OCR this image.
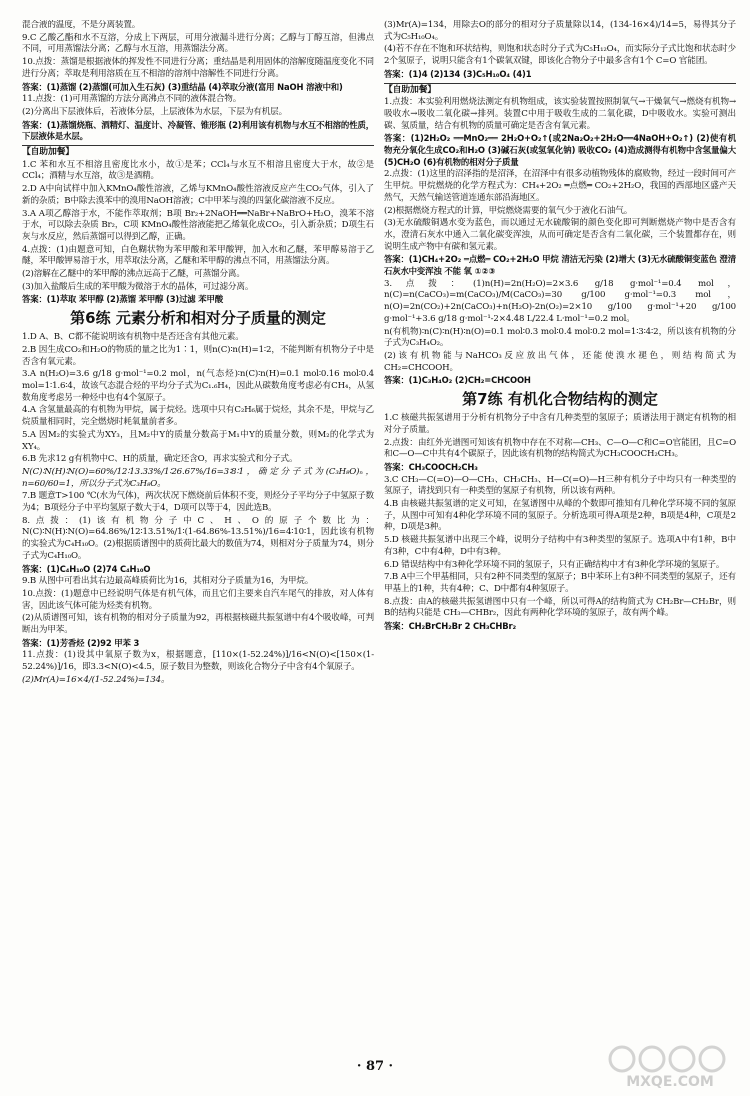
混合液的温度，不是分离装置。

9.C 乙酸乙酯和水不互溶，分成上下两层，可用分液漏斗进行分离；乙醇与丁醇互溶，但沸点不同，可用蒸馏法分离；乙醇与水互溶，用蒸馏法分离。

10.点拨：蒸馏是根据液体的挥发性不同进行分离；重结晶是利用固体的溶解度随温度变化不同进行分离；萃取是利用溶质在互不相溶的溶剂中溶解性不同进行分离。

答案：(1)蒸馏 (2)蒸馏(可加入生石灰) (3)重结晶 (4)萃取分液(富用 NaOH 溶液中和)

11.点拨：(1)可用蒸馏的方法分离沸点不同的液体混合物。

(2)分离出下层液体后，若液体分层，上层液体为水层，下层为有机层。

答案：(1)蒸馏烧瓶、酒精灯、温度计、冷凝管、锥形瓶 (2)利用该有机物与水互不相溶的性质，下层液体是水层。

【自助加餐】

1.C 苯和水互不相溶且密度比水小，故①是苯；CCl₄与水互不相溶且密度大于水，故②是CCl₄；酒精与水互溶，故③是酒精。

2.D A中向试样中加入KMnO₄酸性溶液，乙烯与KMnO₄酸性溶液反应产生CO₂气体，引入了新的杂质；B中除去溴苯中的溴用NaOH溶液；C中甲苯与溴的四氯化碳溶液不反应。

3.A A项乙醇溶于水，不能作萃取剂；B项 Br₂+2NaOH══NaBr+NaBrO+H₂O，溴苯不溶于水，可以除去杂质 Br₂，C项 KMnO₄酸性溶液能把乙烯氧化成CO₂，引入新杂质；D项生石灰与水反应，然后蒸馏可以得到乙醇，正确。

4.点拨：(1)由题意可知，白色糊状物为苯甲酸和苯甲酸钾，加入水和乙醚，苯甲醇易溶于乙醚，苯甲酸钾易溶于水，用萃取法分离，乙醚和苯甲醇的沸点不同，用蒸馏法分离。

(2)溶解在乙醚中的苯甲醇的沸点远高于乙醚，可蒸馏分离。

(3)加入盐酸后生成的苯甲酸为微溶于水的晶体，可过滤分离。

答案：(1)萃取 苯甲醇 (2)蒸馏 苯甲醇 (3)过滤 苯甲酸

第6练 元素分析和相对分子质量的测定

1.D A、B、C都不能说明该有机物中是否还含有其他元素。

2.B 因生成CO₂和H₂O的物质的量之比为1∶1，则n(C)∶n(H)=1∶2，不能判断有机物分子中是否含有氧元素。

3.A n(H₂O)=3.6 g/18 g·mol⁻¹=0.2 mol，n(气态烃)∶n(C)∶n(H)=0.1 mol∶0.16 mol∶0.4 mol=1∶1.6∶4，故该气态混合烃的平均分子式为C₁.₆H₄，因此从碳数角度考虑必有CH₄，从氢数角度考虑另一种烃中也有4个氢原子。

4.A 含氢量最高的有机物为甲烷，属于烷烃。选项中只有C₂H₆属于烷烃，其余不是，甲烷与乙烷质量相同时，完全燃烧时耗氧量前者多。

5.A 因M₂的实验式为XY₃，且M₂中Y的质量分数高于M₁中Y的质量分数，则M₂的化学式为XY₄。

6.B 先求12 g有机物中C、H的质量，确定还含O，再求实验式和分子式。

N(C)∶N(H)∶N(O)=60%/12∶13.33%/1∶26.67%/16=3∶8∶1，确定分子式为(C₃H₈O)ₙ，n=60/60=1，所以分子式为C₃H₈O。

7.B 题意T>100 ℃(水为气体)，两次状况下燃烧前后体积不变，则烃分子平均分子中氢原子数为4；B项烃分子中平均氢原子数大于4，D项可以等于4，因此选B。

8.点拨：(1)该有机物分子中C、H、O的原子个数比为：N(C)∶N(H)∶N(O)=64.86%/12∶13.51%/1∶(1-64.86%-13.51%)/16=4∶10∶1，因此该有机物的实验式为C₄H₁₀O。(2)根据质谱图中的质荷比最大的数值为74，则相对分子质量为74，则分子式为C₄H₁₀O。

答案：(1)C₄H₁₀O (2)74 C₄H₁₀O

9.B 从图中可看出其右边最高峰质荷比为16，其相对分子质量为16，为甲烷。

10.点拨：(1)题意中已经说明气体是有机气体，而且它们主要来自汽车尾气的排放，对人体有害，因此该气体可能为烃类有机物。

(2)从质谱图可知，该有机物的相对分子质量为92，再根据核磁共振氢谱中有4个吸收峰，可判断出为甲苯。

答案：(1)芳香烃 (2)92 甲苯 3

11.点拨：(1)设其中氧原子数为x，根据题意，[110×(1-52.24%)]/16<N(O)<[150×(1-52.24%)]/16，即3.3<N(O)<4.5，原子数目为整数，则该化合物分子中含有4个氧原子。

(2)Mr(A)=16×4/(1-52.24%)=134。

(3)Mr(A)=134，用除去O的部分的相对分子质量除以14，(134-16×4)/14=5，易得其分子式为C₅H₁₀O₄。

(4)若不存在不饱和环状结构，则饱和状态时分子式为C₅H₁₂O₄，而实际分子式比饱和状态时少2个氢原子，说明只能含有1个碳氧双键，即该化合物分子中最多含有1个 C=O 官能团。

答案：(1)4 (2)134 (3)C₅H₁₀O₄ (4)1

【自助加餐】

1.点拨：本实验利用燃烧法测定有机物组成，该实验装置按照制氧气→干燥氧气→燃烧有机物→吸收水→吸收二氧化碳→排列。装置C中用于吸收生成的二氧化碳，D中吸收水。实验可测出碳、氢质量，结合有机物的质量可确定是否含有氧元素。

答案：(1)2H₂O₂ ══MnO₂══ 2H₂O+O₂↑(或2Na₂O₂+2H₂O══4NaOH+O₂↑) (2)使有机物充分氧化生成CO₂和H₂O (3)碱石灰(或氢氧化钠) 吸收CO₂ (4)造成测得有机物中含氢量偏大 (5)CH₂O (6)有机物的相对分子质量

2.点拨：(1)这里的沼泽指的是沼泽，在沼泽中有很多动植物残体的腐败物，经过一段时间可产生甲烷。甲烷燃烧的化学方程式为：CH₄+2O₂ ═点燃═ CO₂+2H₂O，我国的西部地区盛产天然气，天然气输送管道连通东部沿海地区。

(2)根据燃烧方程式的计算，甲烷燃烧需要的氧气少于液化石油气。

(3)无水硫酸铜遇水变为蓝色，而以通过无水硫酸铜的颜色变化即可判断燃烧产物中是否含有水，澄清石灰水中通入二氧化碳变浑浊，从而可确定是否含有二氧化碳，三个装置都存在，则说明生成产物中有碳和氢元素。

答案：(1)CH₄+2O₂ ═点燃═ CO₂+2H₂O 甲烷 清洁无污染 (2)增大 (3)无水硫酸铜变蓝色 澄清石灰水中变浑浊 不能 氧 ①②③

3.点拨：(1)n(H)=2n(H₂O)=2×3.6 g/18 g·mol⁻¹=0.4 mol，n(C)=n(CaCO₃)=m(CaCO₃)/M(CaCO₃)=30 g/100 g·mol⁻¹=0.3 mol，n(O)=2n(CO₂)+2n(CaCO₃)+n(H₂O)-2n(O₂)=2×10 g/100 g·mol⁻¹+20 g/100 g·mol⁻¹+3.6 g/18 g·mol⁻¹-2×4.48 L/22.4 L·mol⁻¹=0.2 mol。

n(有机物)∶n(C)∶n(H)∶n(O)=0.1 mol∶0.3 mol∶0.4 mol∶0.2 mol=1∶3∶4∶2，所以该有机物的分子式为C₃H₄O₂。

(2)该有机物能与NaHCO₃反应放出气体，还能使溴水褪色，则结构简式为 CH₂=CHCOOH。

答案：(1)C₃H₄O₂ (2)CH₂=CHCOOH

第7练 有机化合物结构的测定

1.C 核磁共振氢谱用于分析有机物分子中含有几种类型的氢原子；质谱法用于测定有机物的相对分子质量。

2.点拨：由红外光谱图可知该有机物中存在不对称—CH₃、C—O—C和C=O官能团，且C=O和C—O—C中共有4个碳原子，因此该有机物的结构简式为CH₃COOCH₂CH₃。

答案：CH₃COOCH₂CH₃

3.C CH₃—C(=O)—O—CH₃、CH₃CH₃、H—C(=O)—H三种有机分子中均只有一种类型的氢原子，请找到只有一种类型的氢原子有机物，所以该有两种。

4.B 由核磁共振氢谱的定义可知，在氢谱图中从峰的个数即可推知有几种化学环境不同的氢原子，从图中可知有4种化学环境不同的氢原子。分析选项可得A项是2种，B项是4种，C项是2种，D项是3种。

5.D 核磁共振氢谱中出现三个峰，说明分子结构中有3种类型的氢原子。选项A中有1种，B中有3种，C中有4种，D中有3种。

6.D 错误结构中有3种化学环境不同的氢原子，只有正确结构中才有3种化学环境的氢原子。

7.B A中三个甲基相同，只有2种不同类型的氢原子；B中苯环上有3种不同类型的氢原子，还有甲基上的1种，共有4种；C、D中都有4种氢原子。

8.点拨：由A的核磁共振氢谱图中只有一个峰，所以可得A的结构简式为 CH₂Br—CH₂Br，则B的结构只能是 CH₃—CHBr₂，因此有两种化学环境的氢原子，故有两个峰。

答案：CH₂BrCH₂Br 2 CH₃CHBr₂

· 87 ·
MXQE.COM
